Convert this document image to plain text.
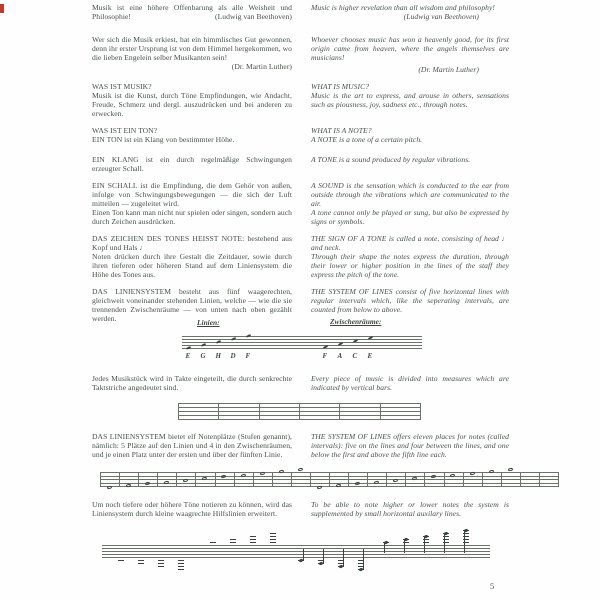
Musik ist eine höhere Offenbarung als alle Weisheit und Philosophie!	(Ludwig van Beethoven)

Music is higher revelation than all wisdom and philosophy!

(Ludwig van Beethoven)

Wer sich die Musik erkiest, hat ein himmlisches Gut gewonnen, denn ihr erster Ursprung ist von dem Himmel hergekommen, wo die lieben Engelein selber Musikanten sein!

(Dr. Martin Luther)

Whoever chooses music has won a heavenly good, for its first origin came from heaven, where the angels themselves are musicians!

(Dr. Martin Luther)

WAS IST MUSIK?

Musik ist die Kunst, durch Töne Empfindungen, wie Andacht, Freude, Schmerz und dergl. auszudrücken und bei anderen zu erwecken.

WHAT IS MUSIC?

Music is the art to express, and arouse in others, sensations such as piousness, joy, sadness etc., through notes.

WAS IST EIN TON?

EIN TON ist ein Klang von bestimmter Höhe.

WHAT IS A NOTE?

A NOTE is a tone of a certain pitch.

EIN KLANG ist ein durch regelmäßige Schwingungen erzeugter Schall.

A TONE is a sound produced by regular vibrations.

EIN SCHALL ist die Empfindung, die dem Gehör von außen, infolge von Schwingungsbewegungen — die sich der Luft mitteilen — zugeleitet wird.

Einen Ton kann man nicht nur spielen oder singen, sondern auch durch Zeichen ausdrücken.

A SOUND is the sensation which is conducted to the ear from outside through the vibrations which are communicated to the air.

A tone cannot only be played or sung, but also be expressed by signs or symbols.

DAS ZEICHEN DES TONES HEISST NOTE: bestehend aus Kopf und Hals ♩

Noten drücken durch ihre Gestalt die Zeitdauer, sowie durch ihren tieferen oder höheren Stand auf dem Liniensystem die Höhe des Tones aus.

THE SIGN OF A TONE is called a note, consisting of head ♩ and neck.

Through their shape the notes express the duration, through their lower or higher position in the lines of the staff they express the pitch of the tone.

DAS LINIENSYSTEM besteht aus fünf waagerechten, gleichweit voneinander stehenden Linien, welche — wie die sie trennenden Zwischenräume — von unten nach oben gezählt werden.

THE SYSTEM OF LINES consist of five horizontal lines with regular intervals which, like the seperating intervals, are counted from below to above.

Linien:	Zwischenräume:

Jedes Musikstück wird in Takte eingeteilt, die durch senkrechte Taktstriche angedeutet sind.

Every piece of music is divided into measures which are indicated by vertical bars.

DAS LINIENSYSTEM bietet elf Notenplätze (Stufen genannt), nämlich: 5 Plätze auf den Linien und 4 in den Zwischenräumen, und je einen Platz unter der ersten und über der fünften Linie.

THE SYSTEM OF LINES offers eleven places for notes (called intervals): five on the lines and four between the lines, and one below the first and above the fifth line each.

Um noch tiefere oder höhere Töne notieren zu können, wird das Liniensystem durch kleine waagrechte Hilfslinien erweitert.

To be able to note higher or lower notes the system is supplemented by small horizontal auxilary lines.

5
E G H D F	F A C E
